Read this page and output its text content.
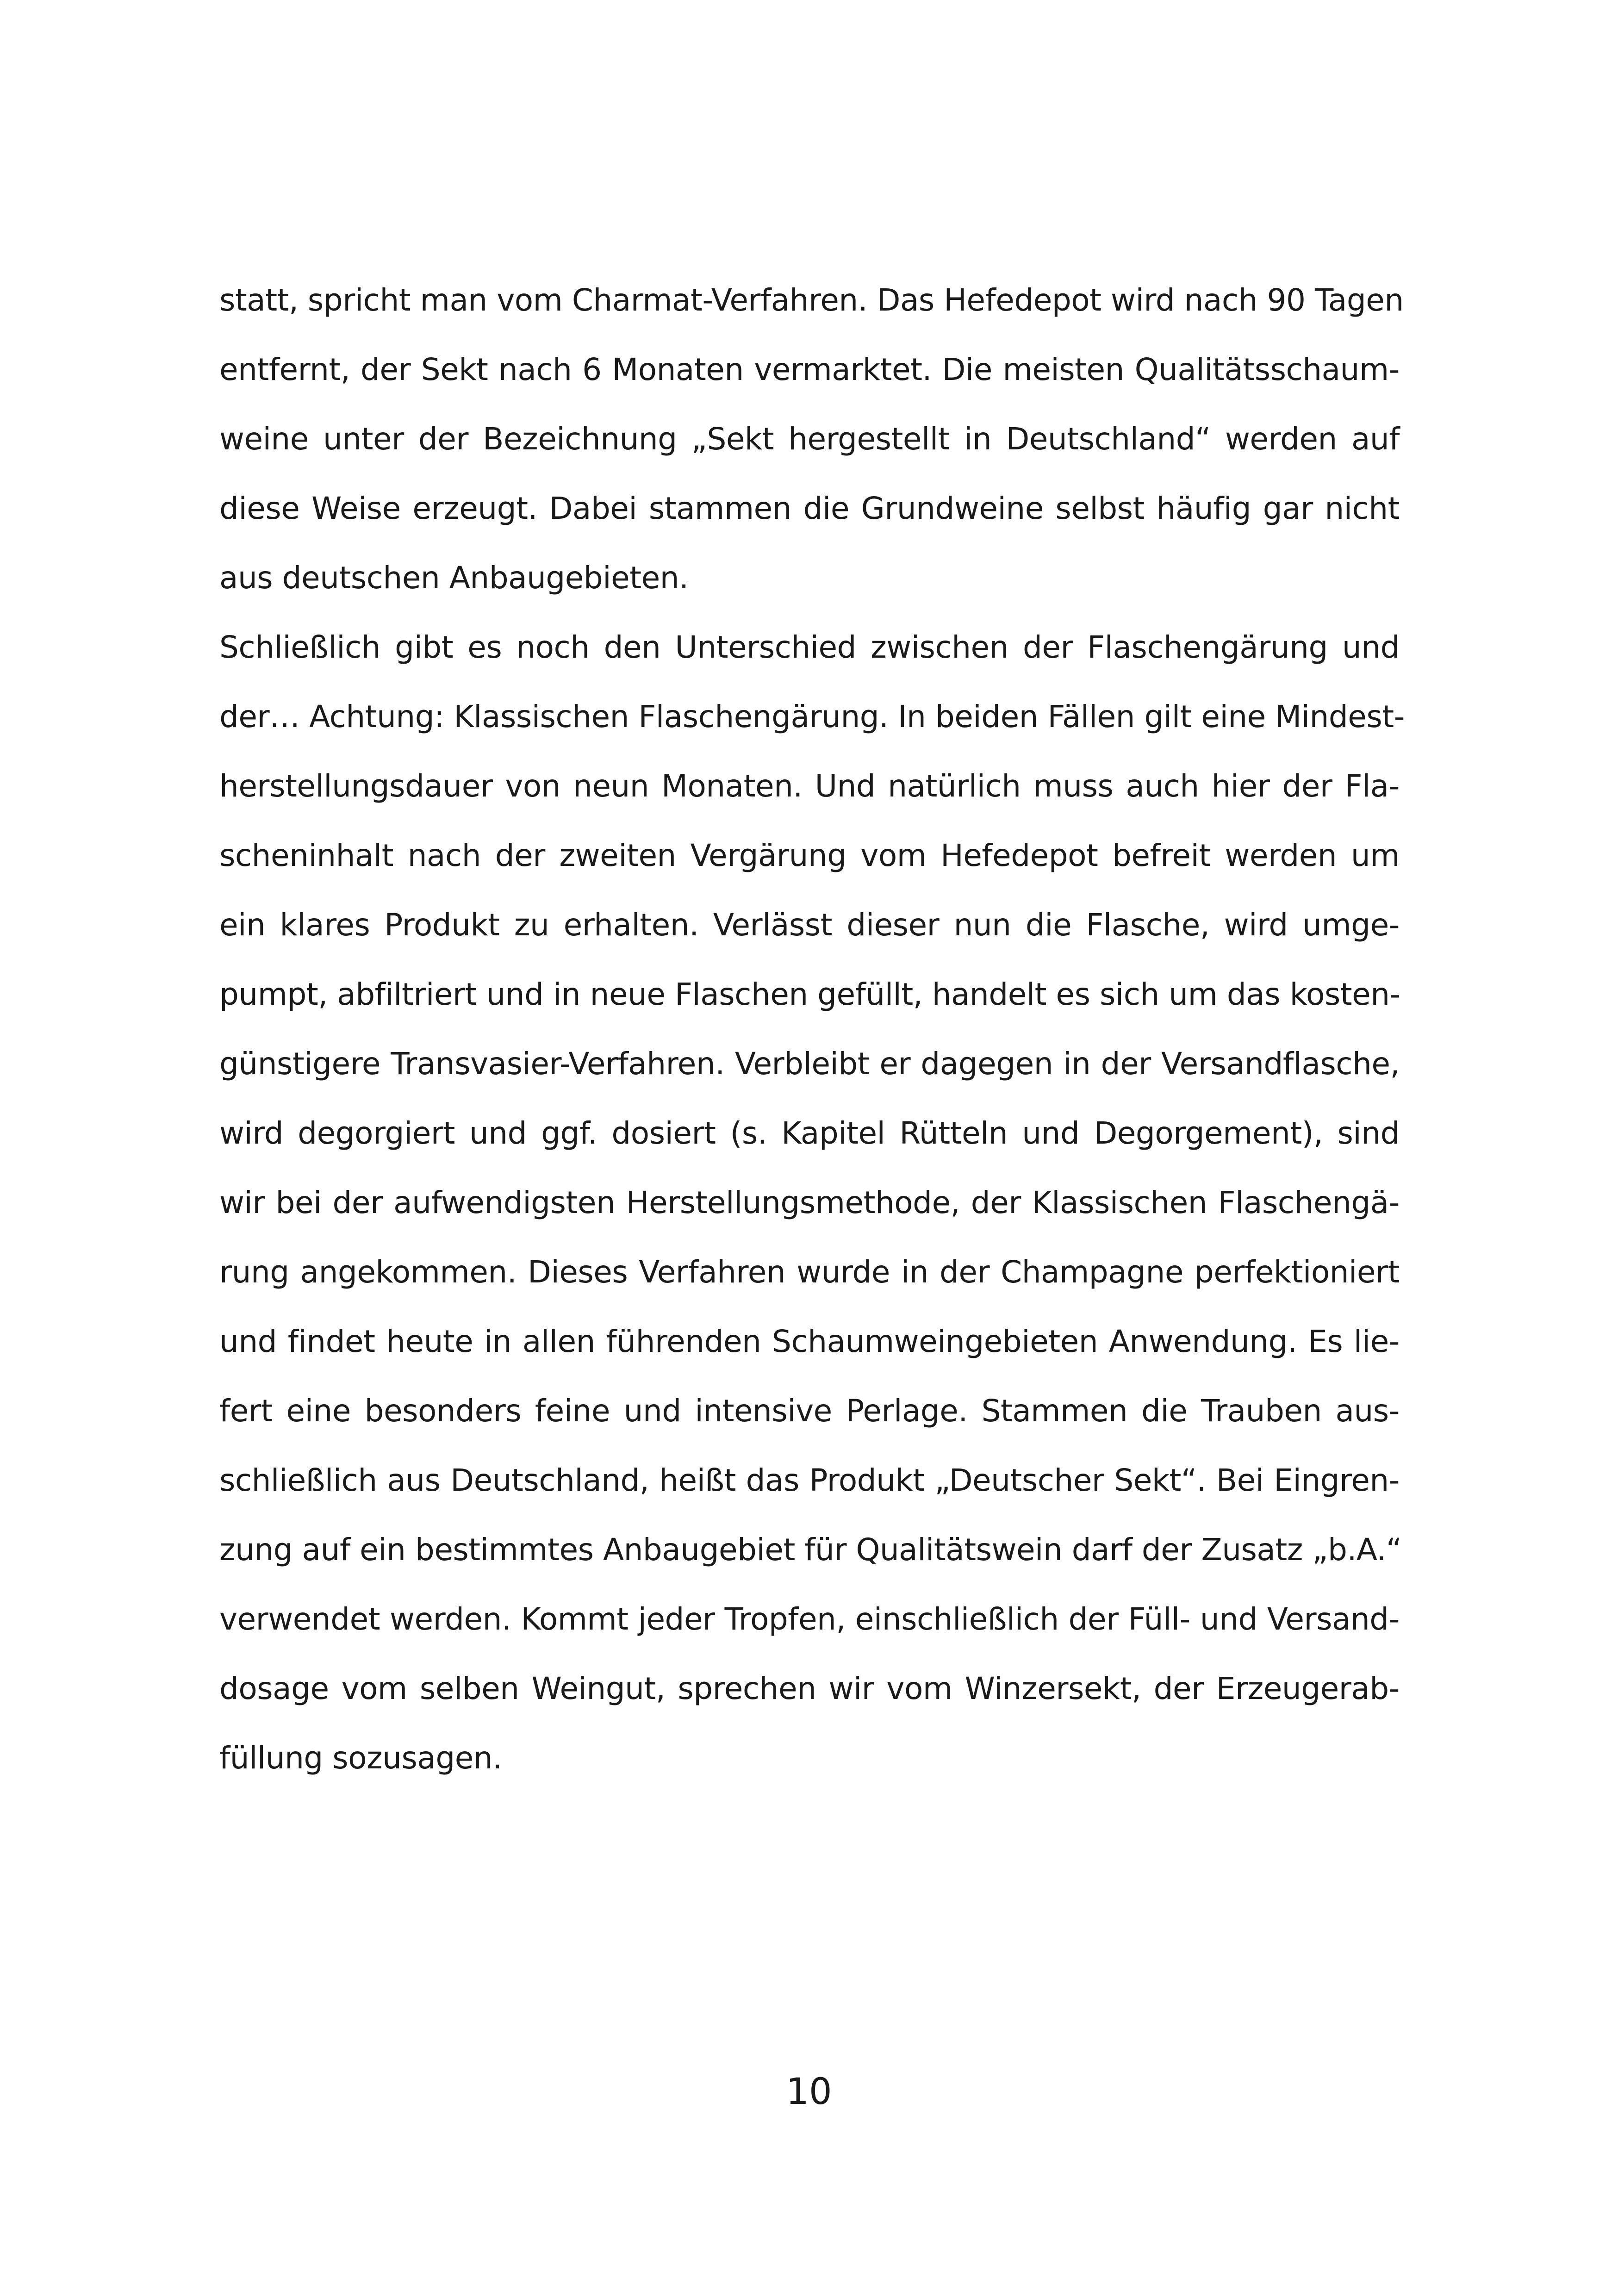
statt, spricht man vom Charmat-Verfahren. Das Hefedepot wird nach 90 Tagen
entfernt, der Sekt nach 6 Monaten vermarktet. Die meisten Qualitätsschaum-
weine unter der Bezeichnung „Sekt hergestellt in Deutschland“ werden auf
diese Weise erzeugt. Dabei stammen die Grundweine selbst häufig gar nicht
aus deutschen Anbaugebieten.
Schließlich gibt es noch den Unterschied zwischen der Flaschengärung und
der… Achtung: Klassischen Flaschengärung. In beiden Fällen gilt eine Mindest-
herstellungsdauer von neun Monaten. Und natürlich muss auch hier der Fla-
scheninhalt nach der zweiten Vergärung vom Hefedepot befreit werden um
ein klares Produkt zu erhalten. Verlässt dieser nun die Flasche, wird umge-
pumpt, abfiltriert und in neue Flaschen gefüllt, handelt es sich um das kosten-
günstigere Transvasier-Verfahren. Verbleibt er dagegen in der Versandflasche,
wird degorgiert und ggf. dosiert (s. Kapitel Rütteln und Degorgement), sind
wir bei der aufwendigsten Herstellungsmethode, der Klassischen Flaschengä-
rung angekommen. Dieses Verfahren wurde in der Champagne perfektioniert
und findet heute in allen führenden Schaumweingebieten Anwendung. Es lie-
fert eine besonders feine und intensive Perlage. Stammen die Trauben aus-
schließlich aus Deutschland, heißt das Produkt „Deutscher Sekt“. Bei Eingren-
zung auf ein bestimmtes Anbaugebiet für Qualitätswein darf der Zusatz „b.A.“
verwendet werden. Kommt jeder Tropfen, einschließlich der Füll- und Versand-
dosage vom selben Weingut, sprechen wir vom Winzersekt, der Erzeugerab-
füllung sozusagen.
10
